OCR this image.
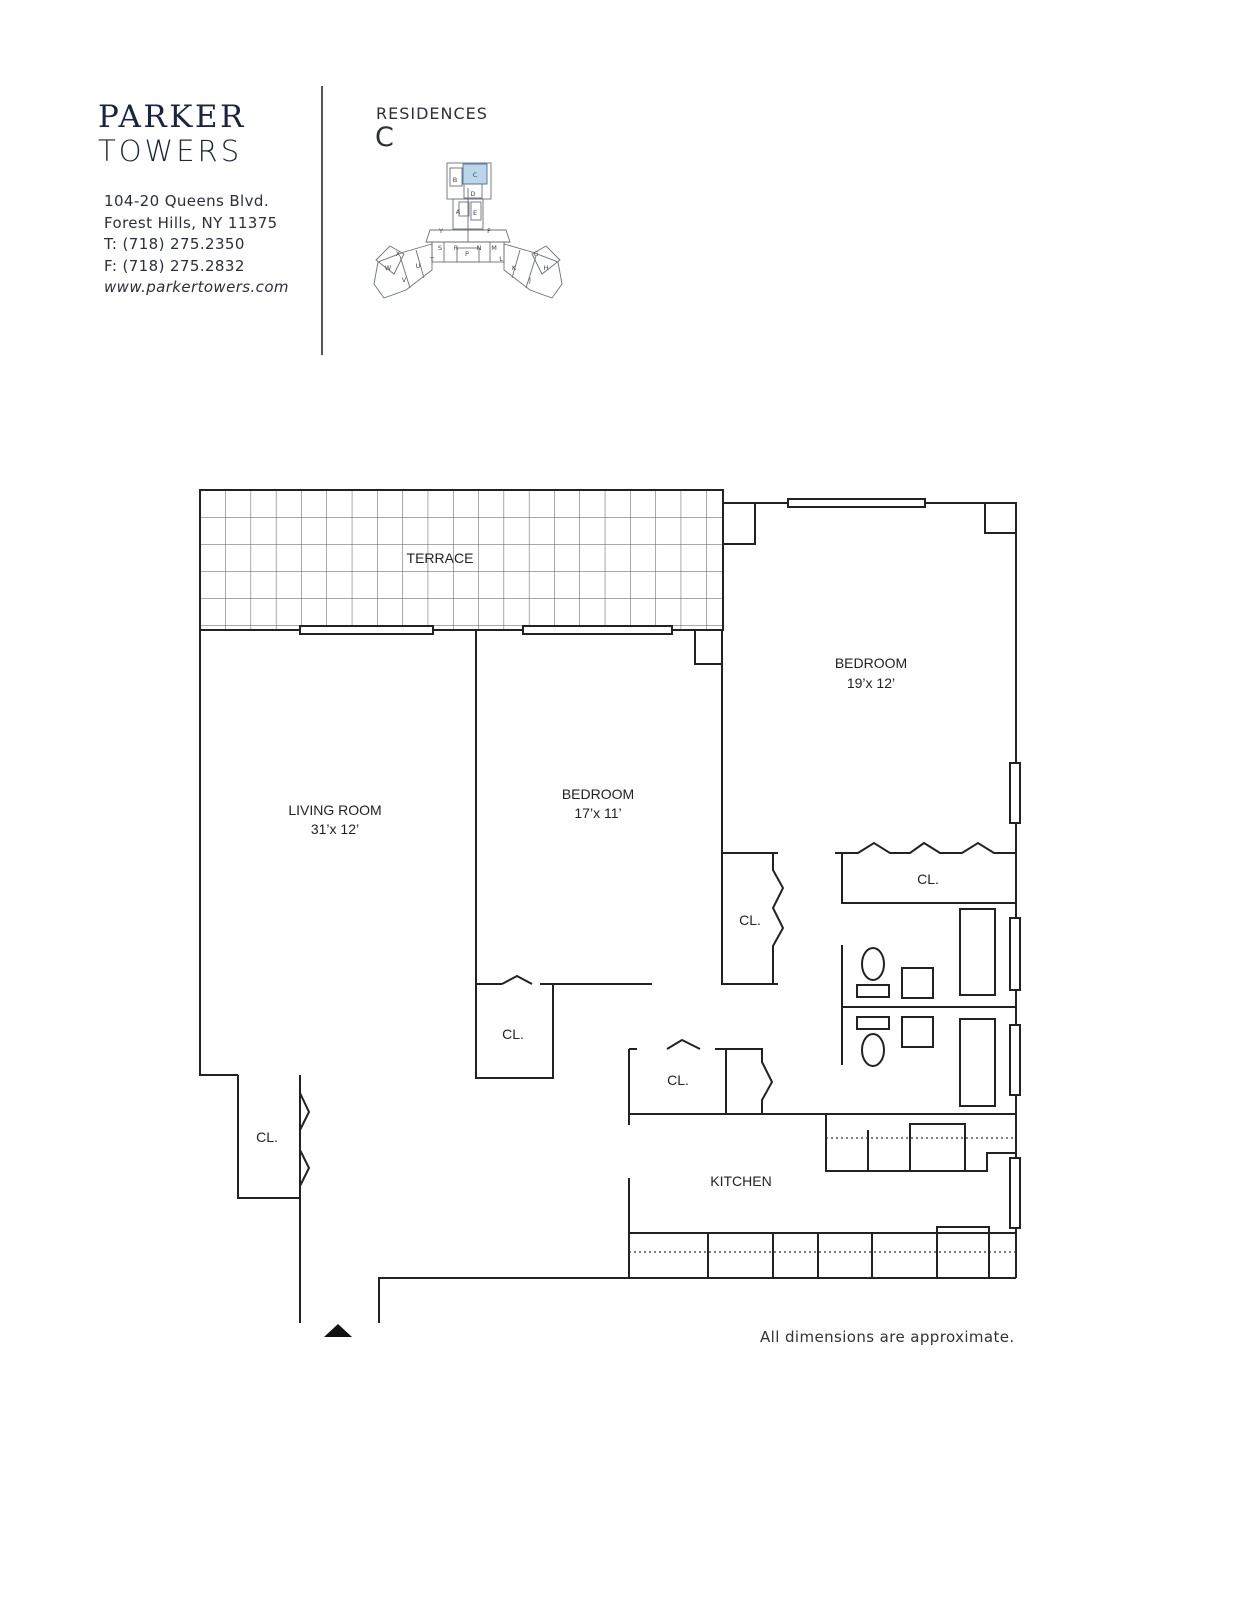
PARKER
TOWERS
104-20 Queens Blvd.
Forest Hills, NY 11375
T: (718) 275.2350
F: (718) 275.2832
www.parkertowers.com
RESIDENCES
C
B
C
D
A E
Y	F
S R
P
N M
L
X
W
V
U
T
G
H
K
J
TERRACE
LIVING ROOM
31’x 12’
BEDROOM
17’x 11’
BEDROOM
19’x 12’
KITCHEN
CL.
CL.
CL.
CL.
CL.
All dimensions are approximate.
